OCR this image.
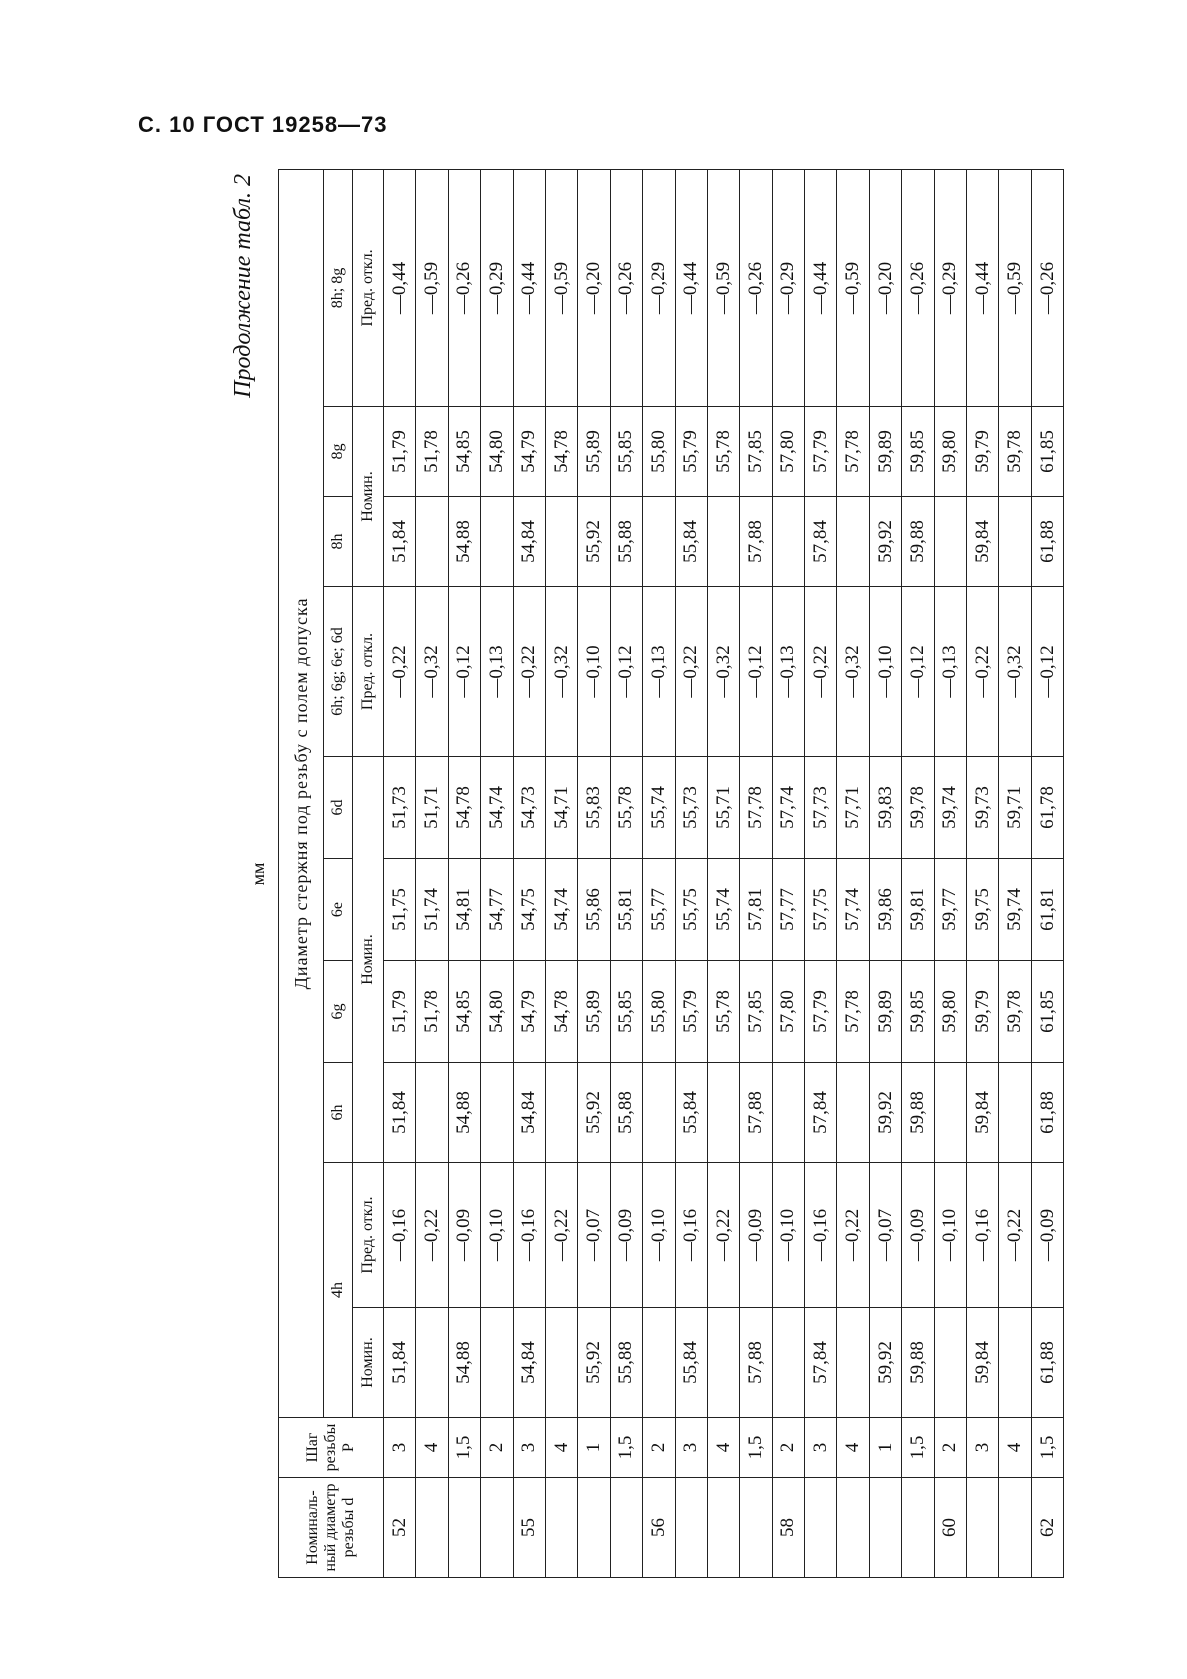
С. 10 ГОСТ 19258—73
Продолжение табл. 2
мм
Номиналь-ный диаметр резьбы d	Шаг резьбы P	Диаметр стержня под резьбу с полем допуска									
		4h		6h	6g	6e	6d	6h; 6g; 6e; 6d	8h	8g	8h; 8g
		Номин.	Пред. откл.	Номин.				Пред. откл.	Номин.		Пред. откл.
52	3	51,84	—0,16	51,84	51,79	51,75	51,73	—0,22	51,84	51,79	—0,44
	4		—0,22		51,78	51,74	51,71	—0,32		51,78	—0,59
	1,5	54,88	—0,09	54,88	54,85	54,81	54,78	—0,12	54,88	54,85	—0,26
	2		—0,10		54,80	54,77	54,74	—0,13		54,80	—0,29
55	3	54,84	—0,16	54,84	54,79	54,75	54,73	—0,22	54,84	54,79	—0,44
	4		—0,22		54,78	54,74	54,71	—0,32		54,78	—0,59
	1	55,92	—0,07	55,92	55,89	55,86	55,83	—0,10	55,92	55,89	—0,20
	1,5	55,88	—0,09	55,88	55,85	55,81	55,78	—0,12	55,88	55,85	—0,26
56	2		—0,10		55,80	55,77	55,74	—0,13		55,80	—0,29
	3	55,84	—0,16	55,84	55,79	55,75	55,73	—0,22	55,84	55,79	—0,44
	4		—0,22		55,78	55,74	55,71	—0,32		55,78	—0,59
	1,5	57,88	—0,09	57,88	57,85	57,81	57,78	—0,12	57,88	57,85	—0,26
58	2		—0,10		57,80	57,77	57,74	—0,13		57,80	—0,29
	3	57,84	—0,16	57,84	57,79	57,75	57,73	—0,22	57,84	57,79	—0,44
	4		—0,22		57,78	57,74	57,71	—0,32		57,78	—0,59
	1	59,92	—0,07	59,92	59,89	59,86	59,83	—0,10	59,92	59,89	—0,20
	1,5	59,88	—0,09	59,88	59,85	59,81	59,78	—0,12	59,88	59,85	—0,26
60	2		—0,10		59,80	59,77	59,74	—0,13		59,80	—0,29
	3	59,84	—0,16	59,84	59,79	59,75	59,73	—0,22	59,84	59,79	—0,44
	4		—0,22		59,78	59,74	59,71	—0,32		59,78	—0,59
62	1,5	61,88	—0,09	61,88	61,85	61,81	61,78	—0,12	61,88	61,85	—0,26
